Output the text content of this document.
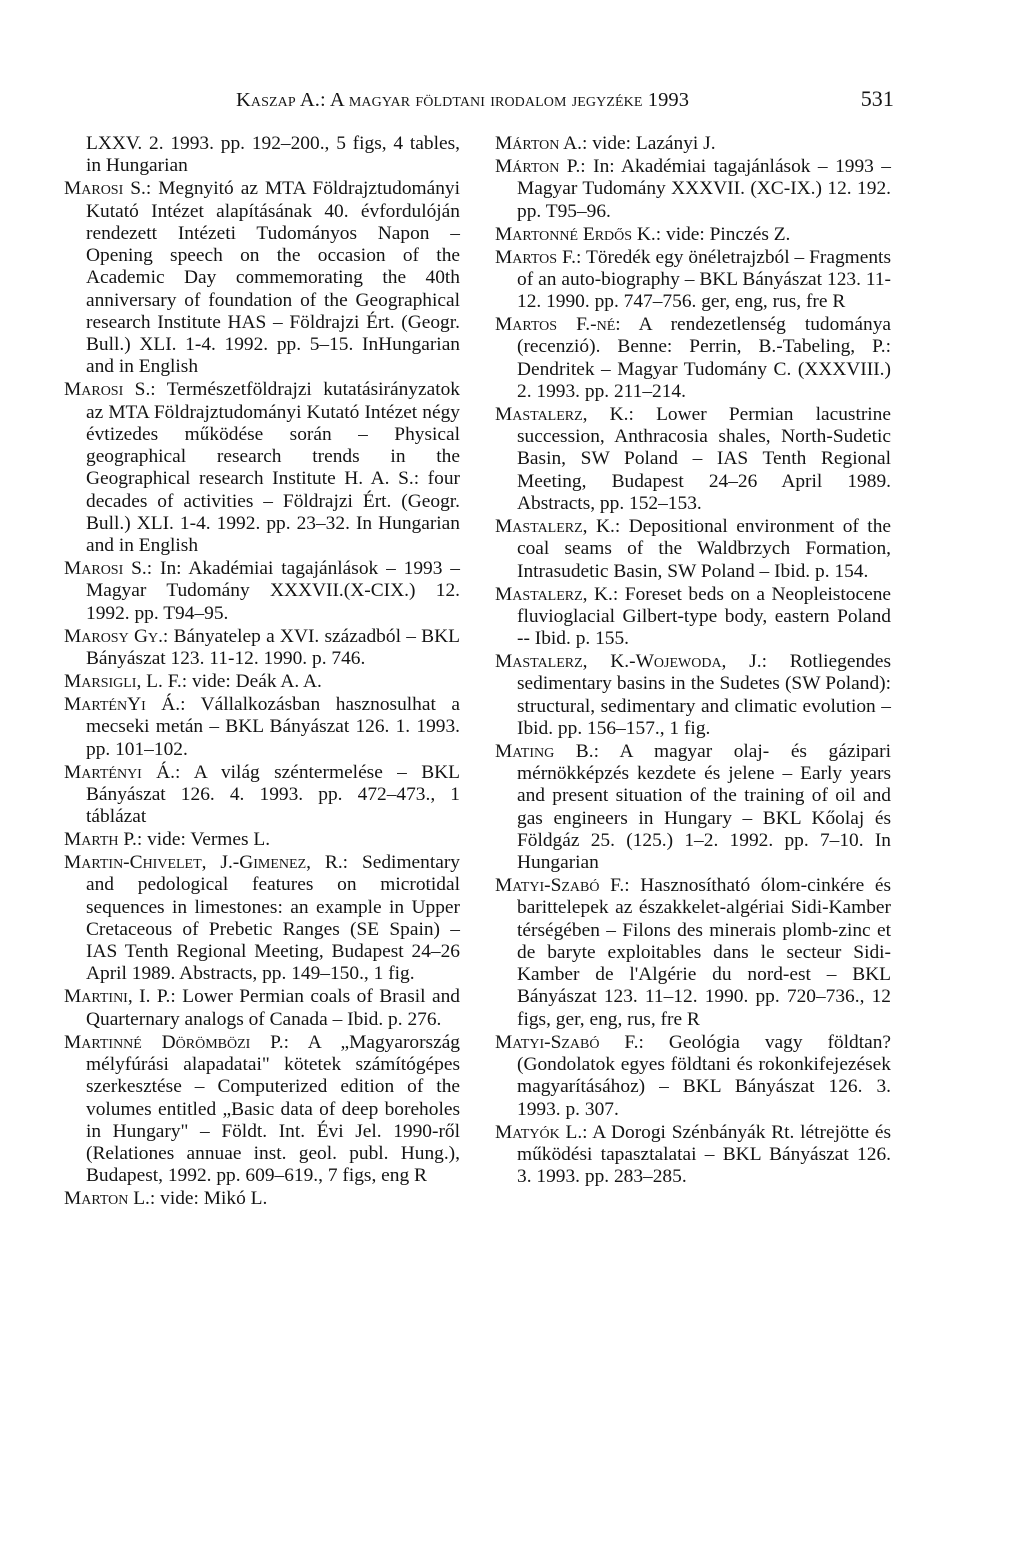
Kaszap A.: A magyar földtani irodalom jegyzéke 1993	531

LXXV. 2. 1993. pp. 192–200., 5 figs, 4 tables, in Hungarian

Marosi S.: Megnyitó az MTA Földrajztudományi Kutató Intézet alapításának 40. évfordulóján rendezett Intézeti Tudományos Napon – Opening speech on the occasion of the Academic Day commemorating the 40th anniversary of foundation of the Geographical research Institute HAS – Földrajzi Ért. (Geogr. Bull.) XLI. 1-4. 1992. pp. 5–15. InHungarian and in English

Marosi S.: Természetföldrajzi kutatásirányzatok az MTA Földrajztudományi Kutató Intézet négy évtizedes működése során – Physical geographical research trends in the Geographical research Institute H. A. S.: four decades of activities – Földrajzi Ért. (Geogr. Bull.) XLI. 1-4. 1992. pp. 23–32. In Hungarian and in English

Marosi S.: In: Akadémiai tagajánlások – 1993 – Magyar Tudomány XXXVII.(X-CIX.) 12. 1992. pp. T94–95.

Marosy Gy.: Bányatelep a XVI. századból – BKL Bányászat 123. 11-12. 1990. p. 746.

Marsigli, L. F.: vide: Deák A. A.

MarténYi Á.: Vállalkozásban hasznosulhat a mecseki metán – BKL Bányászat 126. 1. 1993. pp. 101–102.

Martényi Á.: A világ széntermelése – BKL Bányászat 126. 4. 1993. pp. 472–473., 1 táblázat

Marth P.: vide: Vermes L.

Martin-Chivelet, J.-Gimenez, R.: Sedimentary and pedological features on microtidal sequences in limestones: an example in Upper Cretaceous of Prebetic Ranges (SE Spain) – IAS Tenth Regional Meeting, Budapest 24–26 April 1989. Abstracts, pp. 149–150., 1 fig.

Martini, I. P.: Lower Permian coals of Brasil and Quarternary analogs of Canada – Ibid. p. 276.

Martinné Dörömbözi P.: A „Magyarország mélyfúrási alapadatai" kötetek számítógépes szerkesztése – Computerized edition of the volumes entitled „Basic data of deep boreholes in Hungary" – Földt. Int. Évi Jel. 1990-ről (Relationes annuae inst. geol. publ. Hung.), Budapest, 1992. pp. 609–619., 7 figs, eng R

Marton L.: vide: Mikó L.

Márton A.: vide: Lazányi J.

Márton P.: In: Akadémiai tagajánlások – 1993 – Magyar Tudomány XXXVII. (XC-IX.) 12. 192. pp. T95–96.

Martonné Erdős K.: vide: Pinczés Z.

Martos F.: Töredék egy önéletrajzból – Fragments of an auto-biography – BKL Bányászat 123. 11-12. 1990. pp. 747–756. ger, eng, rus, fre R

Martos F.-né: A rendezetlenség tudománya (recenzió). Benne: Perrin, B.-Tabeling, P.: Dendritek – Magyar Tudomány C. (XXXVIII.) 2. 1993. pp. 211–214.

Mastalerz, K.: Lower Permian lacustrine succession, Anthracosia shales, North-Sudetic Basin, SW Poland – IAS Tenth Regional Meeting, Budapest 24–26 April 1989. Abstracts, pp. 152–153.

Mastalerz, K.: Depositional environment of the coal seams of the Waldbrzych Formation, Intrasudetic Basin, SW Poland – Ibid. p. 154.

Mastalerz, K.: Foreset beds on a Neopleistocene fluvioglacial Gilbert-type body, eastern Poland -- Ibid. p. 155.

Mastalerz, K.-Wojewoda, J.: Rotliegendes sedimentary basins in the Sudetes (SW Poland): structural, sedimentary and climatic evolution – Ibid. pp. 156–157., 1 fig.

Mating B.: A magyar olaj- és gázipari mérnökképzés kezdete és jelene – Early years and present situation of the training of oil and gas engineers in Hungary – BKL Kőolaj és Földgáz 25. (125.) 1–2. 1992. pp. 7–10. In Hungarian

Matyi-Szabó F.: Hasznosítható ólom-cinkére és baritteleрek az északkelet-algériai Sidi-Kamber térségében – Filons des minerais plomb-zinc et de baryte exploitables dans le secteur Sidi-Kamber de l'Algérie du nord-est – BKL Bányászat 123. 11–12. 1990. pp. 720–736., 12 figs, ger, eng, rus, fre R

Matyi-Szabó F.: Geológia vagy földtan? (Gondolatok egyes földtani és rokonkifejezések magyarításához) – BKL Bányászat 126. 3. 1993. p. 307.

Matyók L.: A Dorogi Szénbányák Rt. létrejötte és működési tapasztalatai – BKL Bányászat 126. 3. 1993. pp. 283–285.
